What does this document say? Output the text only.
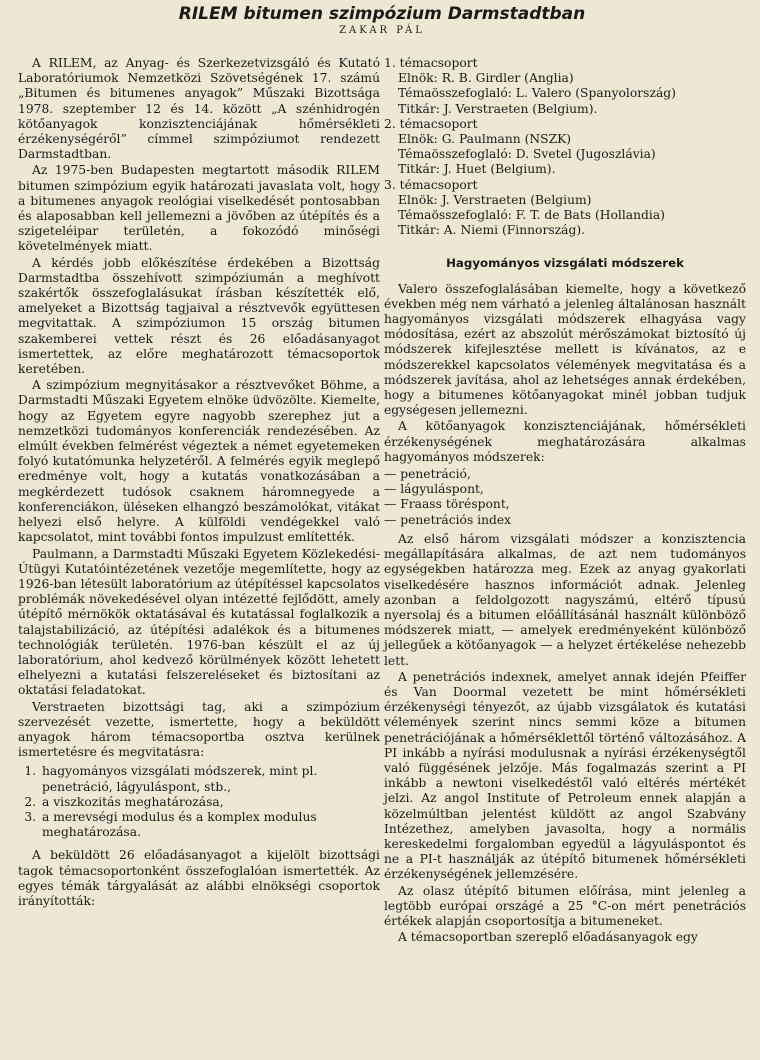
RILEM bitumen szimpózium Darmstadtban

ZAKAR PÁL

A RILEM, az Anyag- és Szerkezetvizsgáló és Kutató Laboratóriumok Nemzetközi Szövetségének 17. számú „Bitumen és bitumenes anyagok” Műszaki Bizottsága 1978. szeptember 12 és 14. között „A szénhidrogén kötőanyagok konzisztenciájának hőmérsékleti érzékenységéről” címmel szimpóziumot rendezett Darmstadtban.

Az 1975-ben Budapesten megtartott második RILEM bitumen szimpózium egyik határozati javaslata volt, hogy a bitumenes anyagok reológiai viselkedését pontosabban és alaposabban kell jellemezni a jövőben az útépítés és a szigeteléipar területén, a fokozódó minőségi követelmények miatt.

A kérdés jobb előkészítése érdekében a Bizottság Darmstadtba összehívott szimpóziumán a meghívott szakértők összefoglalásukat írásban készítették elő, amelyeket a Bizottság tagjaival a résztvevők együttesen megvitattak. A szimpóziumon 15 ország bitumen szakemberei vettek részt és 26 előadásanyagot ismertettek, az előre meghatározott témacsoportok keretében.

A szimpózium megnyitásakor a résztvevőket Böhme, a Darmstadti Műszaki Egyetem elnöke üdvözölte. Kiemelte, hogy az Egyetem egyre nagyobb szerephez jut a nemzetközi tudományos konferenciák rendezésében. Az elmúlt években felmérést végeztek a német egyetemeken folyó kutatómunka helyzetéről. A felmérés egyik meglepő eredménye volt, hogy a kutatás vonatkozásában a megkérdezett tudósok csaknem háromnegyede a konferenciákon, üléseken elhangzó beszámolókat, vitákat helyezi első helyre. A külföldi vendégekkel való kapcsolatot, mint további fontos impulzust említették.

Paulmann, a Darmstadti Műszaki Egyetem Közlekedési-Útügyi Kutatóintézetének vezetője megemlítette, hogy az 1926-ban létesült laboratórium az útépítéssel kapcsolatos problémák növekedésével olyan intézetté fejlődött, amely útépítő mérnökök oktatásával és kutatással foglalkozik a talajstabilizáció, az útépítési adalékok és a bitumenes technológiák területén. 1976-ban készült el az új laboratórium, ahol kedvező körülmények között lehetett elhelyezni a kutatási felszereléseket és biztosítani az oktatási feladatokat.

Verstraeten bizottsági tag, aki a szimpózium szervezését vezette, ismertette, hogy a beküldött anyagok három témacsoportba osztva kerülnek ismertetésre és megvitatásra:

1. hagyományos vizsgálati módszerek, mint pl. penetráció, lágyuláspont, stb.,
2. a viszkozitás meghatározása,
3. a merevségi modulus és a komplex modulus meghatározása.

A beküldött 26 előadásanyagot a kijelölt bizottsági tagok témacsoportonként összefoglalóan ismertették. Az egyes témák tárgyalását az alábbi elnökségi csoportok irányították:

1. témacsoport
Elnök: R. B. Girdler (Anglia)
Témaösszefoglaló: L. Valero (Spanyolország)
Titkár: J. Verstraeten (Belgium).
2. témacsoport
Elnök: G. Paulmann (NSZK)
Témaösszefoglaló: D. Svetel (Jugoszlávia)
Titkár: J. Huet (Belgium).
3. témacsoport
Elnök: J. Verstraeten (Belgium)
Témaösszefoglaló: F. T. de Bats (Hollandia)
Titkár: A. Niemi (Finnország).
Hagyományos vizsgálati módszerek

Valero összefoglalásában kiemelte, hogy a következő években még nem várható a jelenleg általánosan használt hagyományos vizsgálati módszerek elhagyása vagy módosítása, ezért az abszolút mérőszámokat biztosító új módszerek kifejlesztése mellett is kívánatos, az e módszerekkel kapcsolatos vélemények megvitatása és a módszerek javítása, ahol az lehetséges annak érdekében, hogy a bitumenes kötőanyagokat minél jobban tudjuk egységesen jellemezni.

A kötőanyagok konzisztenciájának, hőmérsékleti érzékenységének meghatározására alkalmas hagyományos módszerek:

— penetráció,
— lágyuláspont,
— Fraass töréspont,
— penetrációs index

Az első három vizsgálati módszer a konzisztencia megállapítására alkalmas, de azt nem tudományos egységekben határozza meg. Ezek az anyag gyakorlati viselkedésére hasznos információt adnak. Jelenleg azonban a feldolgozott nagyszámú, eltérő típusú nyersolaj és a bitumen előállításánál használt különböző módszerek miatt, — amelyek eredményeként különböző jellegűek a kötőanyagok — a helyzet értékelése nehezebb lett.

A penetrációs indexnek, amelyet annak idején Pfeiffer és Van Doormal vezetett be mint hőmérsékleti érzékenységi tényezőt, az újabb vizsgálatok és kutatási vélemények szerint nincs semmi köze a bitumen penetrációjának a hőmérséklettől történő változásához. A PI inkább a nyírási modulusnak a nyírási érzékenységtől való függésének jelzője. Más fogalmazás szerint a PI inkább a newtoni viselkedéstől való eltérés mértékét jelzi. Az angol Institute of Petroleum ennek alapján a közelmúltban jelentést küldött az angol Szabvány Intézethez, amelyben javasolta, hogy a normális kereskedelmi forgalomban egyedül a lágyuláspontot és ne a PI-t használják az útépítő bitumenek hőmérsékleti érzékenységének jellemzésére.

Az olasz útépítő bitumen előírása, mint jelenleg a legtöbb európai országé a 25 °C-on mért penetrációs értékek alapján csoportosítja a bitumeneket.

A témacsoportban szereplő előadásanyagok egy
